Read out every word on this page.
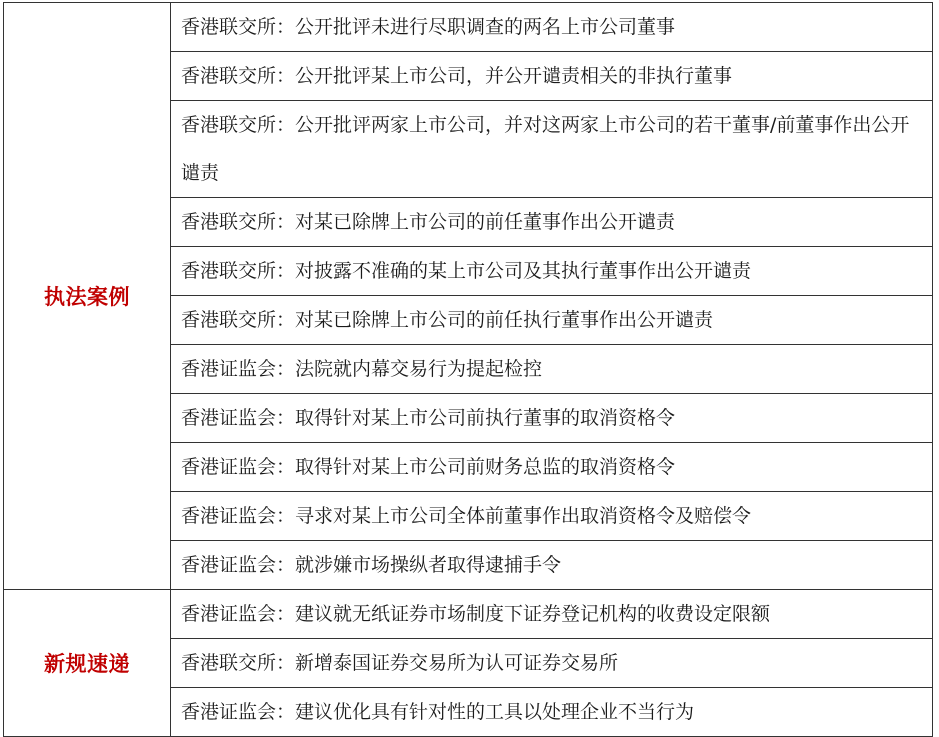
执法案例	香港联交所：公开批评未进行尽职调查的两名上市公司董事
	香港联交所：公开批评某上市公司，并公开谴责相关的非执行董事
	香港联交所：公开批评两家上市公司，并对这两家上市公司的若干董事/前董事作出公开谴责
	香港联交所：对某已除牌上市公司的前任董事作出公开谴责
	香港联交所：对披露不准确的某上市公司及其执行董事作出公开谴责
	香港联交所：对某已除牌上市公司的前任执行董事作出公开谴责
	香港证监会：法院就内幕交易行为提起检控
	香港证监会：取得针对某上市公司前执行董事的取消资格令
	香港证监会：取得针对某上市公司前财务总监的取消资格令
	香港证监会：寻求对某上市公司全体前董事作出取消资格令及赔偿令
	香港证监会：就涉嫌市场操纵者取得逮捕手令
新规速递	香港证监会：建议就无纸证券市场制度下证券登记机构的收费设定限额
	香港联交所：新增泰国证券交易所为认可证券交易所
	香港证监会：建议优化具有针对性的工具以处理企业不当行为
